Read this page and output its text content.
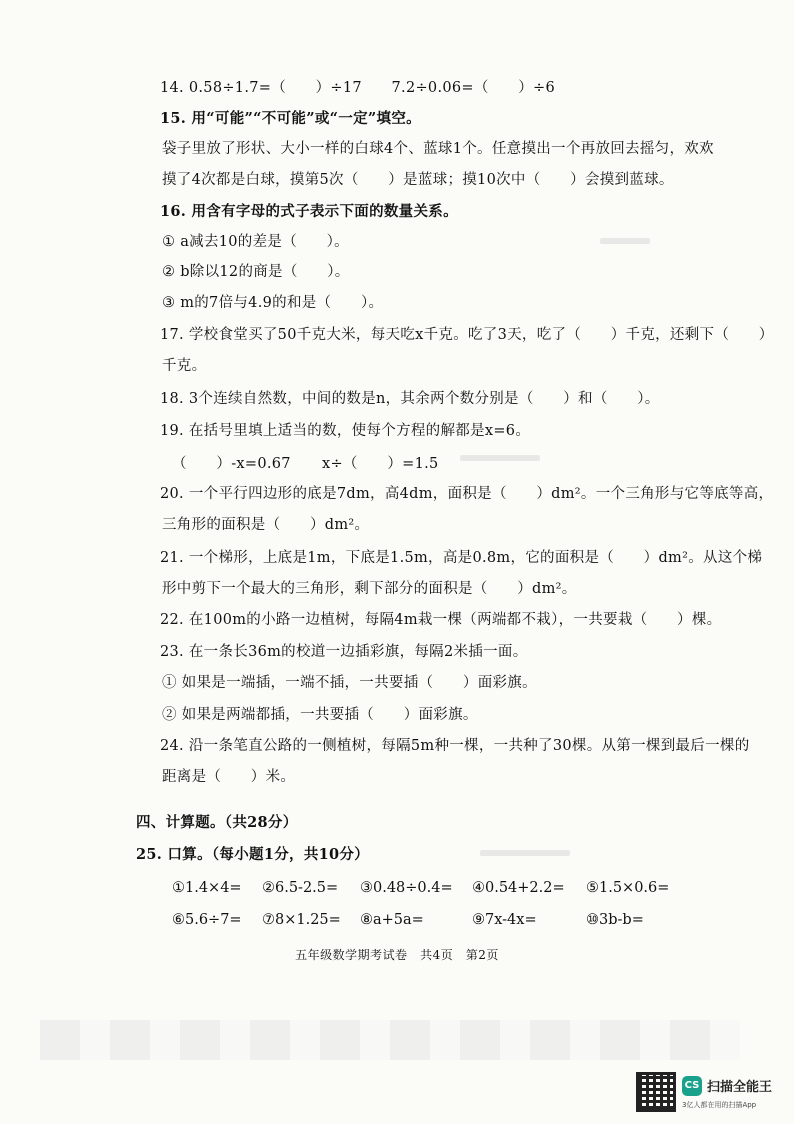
14. 0.58÷1.7=（　　）÷17　　7.2÷0.06=（　　）÷6
15. 用“可能”“不可能”或“一定”填空。
袋子里放了形状、大小一样的白球4个、蓝球1个。任意摸出一个再放回去摇匀，欢欢
摸了4次都是白球，摸第5次（　　）是蓝球；摸10次中（　　）会摸到蓝球。
16. 用含有字母的式子表示下面的数量关系。
① a减去10的差是（　　）。
② b除以12的商是（　　）。
③ m的7倍与4.9的和是（　　）。
17. 学校食堂买了50千克大米，每天吃x千克。吃了3天，吃了（　　）千克，还剩下（　　）
千克。
18. 3个连续自然数，中间的数是n，其余两个数分别是（　　）和（　　）。
19. 在括号里填上适当的数，使每个方程的解都是x=6。
（　　）-x=0.67 x÷（　　）=1.5
20. 一个平行四边形的底是7dm，高4dm，面积是（　　）dm²。一个三角形与它等底等高，
三角形的面积是（　　）dm²。
21. 一个梯形，上底是1m，下底是1.5m，高是0.8m，它的面积是（　　）dm²。从这个梯
形中剪下一个最大的三角形，剩下部分的面积是（　　）dm²。
22. 在100m的小路一边植树，每隔4m栽一棵（两端都不栽），一共要栽（　　）棵。
23. 在一条长36m的校道一边插彩旗，每隔2米插一面。
① 如果是一端插，一端不插，一共要插（　　）面彩旗。
② 如果是两端都插，一共要插（　　）面彩旗。
24. 沿一条笔直公路的一侧植树，每隔5m种一棵，一共种了30棵。从第一棵到最后一棵的
距离是（　　）米。
四、计算题。（共28分）
25. 口算。（每小题1分，共10分）
①1.4×4= ②6.5-2.5= ③0.48÷0.4= ④0.54+2.2= ⑤1.5×0.6=
⑥5.6÷7= ⑦8×1.25= ⑧a+5a=	⑨7x-4x=	⑩3b-b=
五年级数学期考试卷　共4页　第2页
CS 扫描全能王
3亿人都在用的扫描App
